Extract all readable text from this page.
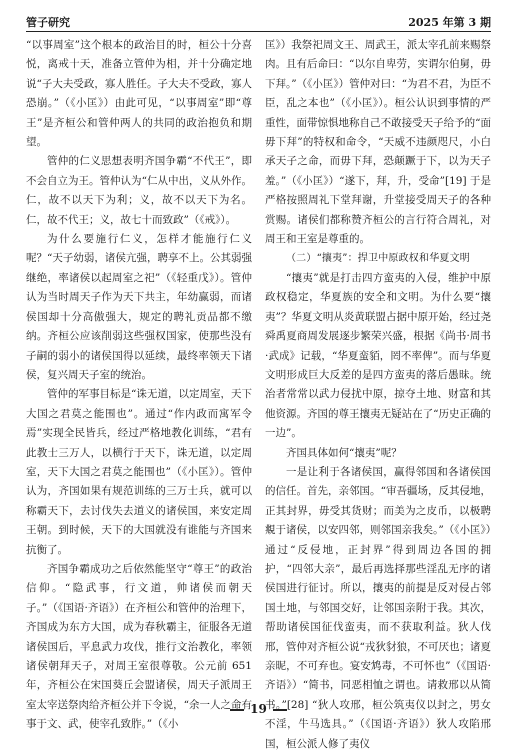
管子研究	2025 年第 3 期

“以事周室”这个根本的政治目的时，桓公十分喜悦，离戒十天，准备立管仲为相，并十分确定地说“子大夫受政，寡人胜任。子大夫不受政，寡人恐崩。”（《小匡》）由此可见，“以事周室”即“尊王”是齐桓公和管仲两人的共同的政治抱负和期望。

管仲的仁义思想表明齐国争霸“不代王”，即不会自立为王。管仲认为“仁从中出，义从外作。仁，故不以天下为利；义，故不以天下为名。仁，故不代王；义，故七十而致政”（《戒》）。

为什么要施行仁义，怎样才能施行仁义呢？“天子幼弱，诸侯亢强，聘享不上。公其弱强继绝，率诸侯以起周室之祀”（《轻重戊》）。管仲认为当时周天子作为天下共主，年幼赢弱，而诸侯国却十分高傲强大，规定的聘礼贡品都不缴纳。齐桓公应该削弱这些强权国家，使那些没有子嗣的弱小的诸侯国得以延续，最终率领天下诸侯，复兴周天子室的统治。

管仲的军事目标是“诛无道，以定周室，天下大国之君莫之能围也”。通过“作内政而寓军令焉”实现全民皆兵，经过严格地教化训练，“君有此教士三万人，以横行于天下，诛无道，以定周室，天下大国之君莫之能围也”（《小匡》）。管仲认为，齐国如果有规范训练的三万士兵，就可以称霸天下，去讨伐失去道义的诸侯国，来安定周王朝。到时候，天下的大国就没有谁能与齐国来抗衡了。

齐国争霸成功之后依然能坚守“尊王”的政治信仰。“隐武事，行文道，帅诸侯而朝天子。”（《国语·齐语》）在齐桓公和管仲的治理下，齐国成为东方大国，成为春秋霸主，征服各无道诸侯国后，平息武力攻伐，推行文治教化，率领诸侯朝拜天子，对周王室很尊敬。公元前 651 年，齐桓公在宋国葵丘会盟诸侯，周天子派周王室太宰送祭肉给齐桓公并下令说，“余一人之命有事于文、武，使宰孔致胙。”（《小

匡》）我祭祀周文王、周武王，派太宰孔前来赐祭肉。且有后命曰：“以尔自卑劳，实谓尔伯舅，毋下拜。”（《小匡》）管仲对曰：“为君不君，为臣不臣，乱之本也”（《小匡》）。桓公认识到事情的严重性，面带惊惧地称自己不敢接受天子给予的“面毋下拜”的特权和命令，“天威不违颜咫尺，小白承天子之命，而毋下拜，恐颠蹶于下，以为天子羞。”（《小匡》）“遂下，拜，升，受命”[19] 于是严格按照周礼下堂拜谢，升堂接受周天子的各种赏赐。诸侯们都称赞齐桓公的言行符合周礼，对周王和王室是尊重的。

（二）“攘夷”：捍卫中原政权和华夏文明

“攘夷”就是打击四方蛮夷的入侵，维护中原政权稳定，华夏族的安全和文明。为什么要“攘夷”？华夏文明从炎黄联盟占据中原开始，经过尧舜禹夏商周发展逐步繁荣兴盛，根据《尚书·周书·武成》记载，“华夏蛮貊，罔不率俾”。而与华夏文明形成巨大反差的是四方蛮夷的落后愚昧。统治者常常以武力侵扰中原，掠夺土地、财富和其他资源。齐国的尊王攘夷无疑站在了“历史正确的一边”。

齐国具体如何“攘夷”呢？

一是让利于各诸侯国，赢得邻国和各诸侯国的信任。首先，亲邻国。“审吾疆场，反其侵地，正其封界，毋受其货财；而美为之皮币，以极聘覜于诸侯，以安四邻，则邻国亲我矣。”（《小匡》）通过“反侵地，正封界”得到周边各国的拥护，“四邻大亲”，最后再选择那些淫乱无序的诸侯国进行征讨。所以，攘夷的前提是反对侵占邻国土地，与邻国交好，让邻国亲附于我。其次，帮助诸侯国征伐蛮夷，而不获取利益。狄人伐邢，管仲对齐桓公说“戎狄豺狼，不可厌也；诸夏亲昵，不可弃也。宴安鸩毒，不可怀也”（《国语·齐语》）“简书，同恶相恤之谓也。请救邢以从简书。”[28] “狄人攻邢，桓公筑夷仪以封之，男女不淫，牛马选具。”（《国语·齐语》）狄人攻陷邢国，桓公派人修了夷仪

19
